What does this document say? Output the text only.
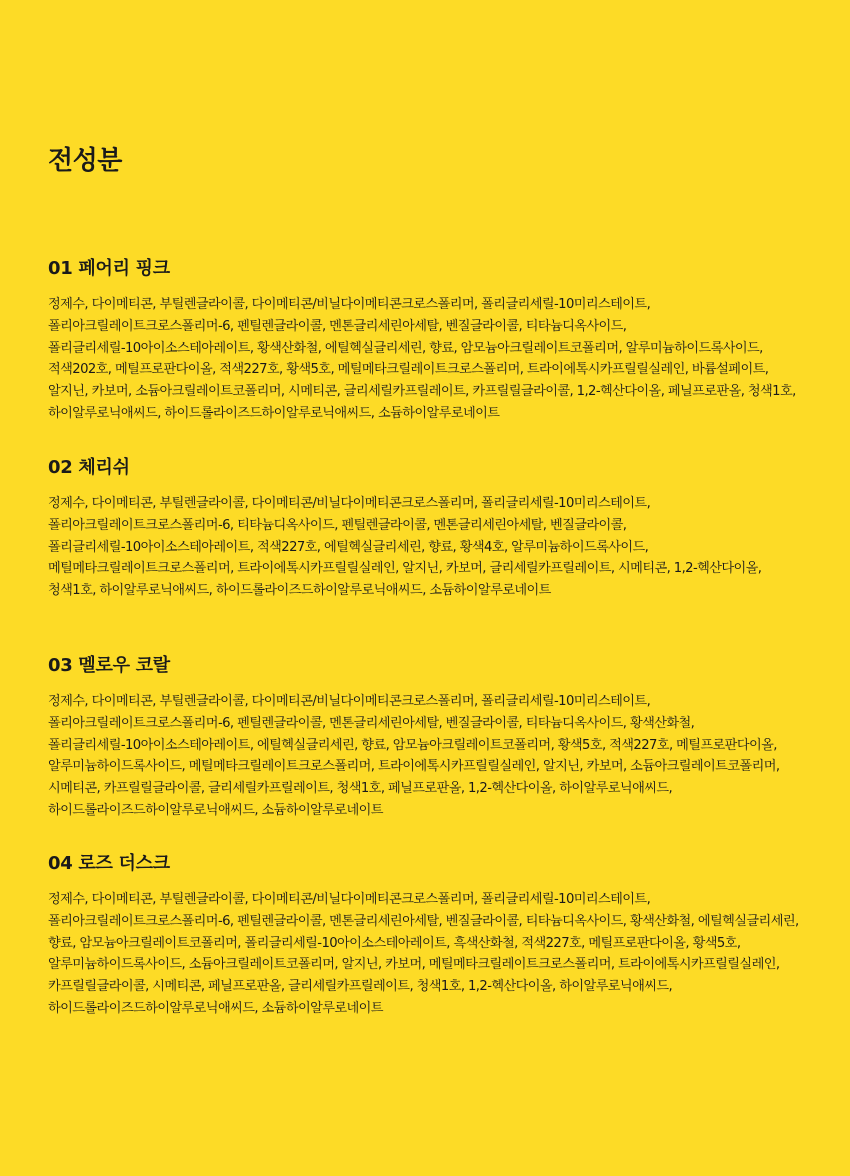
전성분
01 페어리 핑크

정제수, 다이메티콘, 부틸렌글라이콜, 다이메티콘/비닐다이메티콘크로스폴리머, 폴리글리세릴-10미리스테이트, 폴리아크릴레이트크로스폴리머-6, 펜틸렌글라이콜, 멘톤글리세린아세탈, 벤질글라이콜, 티타늄디옥사이드, 폴리글리세릴-10아이소스테아레이트, 황색산화철, 에틸헥실글리세린, 향료, 암모늄아크릴레이트코폴리머, 알루미늄하이드록사이드, 적색202호, 메틸프로판다이올, 적색227호, 황색5호, 메틸메타크릴레이트크로스폴리머, 트라이에톡시카프릴릴실레인, 바륨설페이트, 알지닌, 카보머, 소듐아크릴레이트코폴리머, 시메티콘, 글리세릴카프릴레이트, 카프릴릴글라이콜, 1,2-헥산다이올, 페닐프로판올, 청색1호, 하이알루로닉애씨드, 하이드롤라이즈드하이알루로닉애씨드, 소듐하이알루로네이트

02 체리쉬

정제수, 다이메티콘, 부틸렌글라이콜, 다이메티콘/비닐다이메티콘크로스폴리머, 폴리글리세릴-10미리스테이트, 폴리아크릴레이트크로스폴리머-6, 티타늄디옥사이드, 펜틸렌글라이콜, 멘톤글리세린아세탈, 벤질글라이콜, 폴리글리세릴-10아이소스테아레이트, 적색227호, 에틸헥실글리세린, 향료, 황색4호, 알루미늄하이드록사이드, 메틸메타크릴레이트크로스폴리머, 트라이에톡시카프릴릴실레인, 알지닌, 카보머, 글리세릴카프릴레이트, 시메티콘, 1,2-헥산다이올, 청색1호, 하이알루로닉애씨드, 하이드롤라이즈드하이알루로닉애씨드, 소듐하이알루로네이트

03 멜로우 코랄

정제수, 다이메티콘, 부틸렌글라이콜, 다이메티콘/비닐다이메티콘크로스폴리머, 폴리글리세릴-10미리스테이트, 폴리아크릴레이트크로스폴리머-6, 펜틸렌글라이콜, 멘톤글리세린아세탈, 벤질글라이콜, 티타늄디옥사이드, 황색산화철, 폴리글리세릴-10아이소스테아레이트, 에틸헥실글리세린, 향료, 암모늄아크릴레이트코폴리머, 황색5호, 적색227호, 메틸프로판다이올, 알루미늄하이드록사이드, 메틸메타크릴레이트크로스폴리머, 트라이에톡시카프릴릴실레인, 알지닌, 카보머, 소듐아크릴레이트코폴리머, 시메티콘, 카프릴릴글라이콜, 글리세릴카프릴레이트, 청색1호, 페닐프로판올, 1,2-헥산다이올, 하이알루로닉애씨드, 하이드롤라이즈드하이알루로닉애씨드, 소듐하이알루로네이트

04 로즈 더스크

정제수, 다이메티콘, 부틸렌글라이콜, 다이메티콘/비닐다이메티콘크로스폴리머, 폴리글리세릴-10미리스테이트, 폴리아크릴레이트크로스폴리머-6, 펜틸렌글라이콜, 멘톤글리세린아세탈, 벤질글라이콜, 티타늄디옥사이드, 황색산화철, 에틸헥실글리세린, 향료, 암모늄아크릴레이트코폴리머, 폴리글리세릴-10아이소스테아레이트, 흑색산화철, 적색227호, 메틸프로판다이올, 황색5호, 알루미늄하이드록사이드, 소듐아크릴레이트코폴리머, 알지닌, 카보머, 메틸메타크릴레이트크로스폴리머, 트라이에톡시카프릴릴실레인, 카프릴릴글라이콜, 시메티콘, 페닐프로판올, 글리세릴카프릴레이트, 청색1호, 1,2-헥산다이올, 하이알루로닉애씨드, 하이드롤라이즈드하이알루로닉애씨드, 소듐하이알루로네이트
